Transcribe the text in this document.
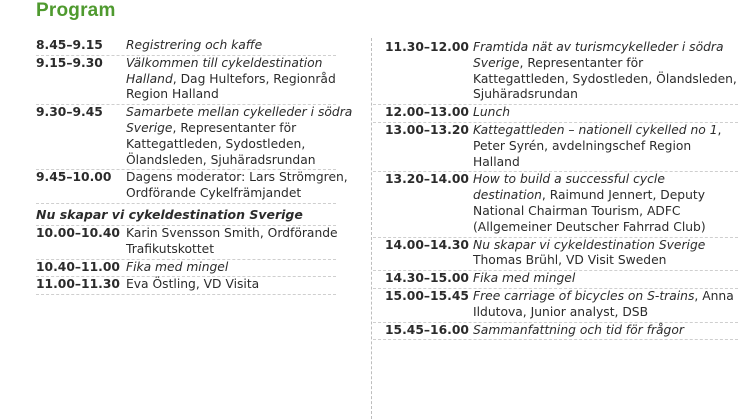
Program
8.45–9.15	Registrering och kaffe
9.15–9.30	Välkommen till cykeldestination Halland, Dag Hultefors, Regionråd Region Halland
9.30–9.45	Samarbete mellan cykelleder i södra Sverige, Representanter för Kattegattleden, Sydostleden, Ölandsleden, Sjuhäradsrundan
9.45–10.00	Dagens moderator: Lars Strömgren, Ordförande Cykelfrämjandet
Nu skapar vi cykeldestination Sverige
10.00–10.40 Karin Svensson Smith, Ordförande Trafikutskottet
10.40–11.00 Fika med mingel
11.00–11.30 Eva Östling, VD Visita
11.30–12.00 Framtida nät av turismcykelleder i södra Sverige, Representanter för Kattegattleden, Sydostleden, Ölandsleden, Sjuhäradsrundan
12.00–13.00 Lunch
13.00–13.20 Kattegattleden – nationell cykelled no 1, Peter Syrén, avdelningschef Region Halland
13.20–14.00 How to build a successful cycle destination, Raimund Jennert, Deputy National Chairman Tourism, ADFC (Allgemeiner Deutscher Fahrrad Club)
14.00–14.30 Nu skapar vi cykeldestination Sverige Thomas Brühl, VD Visit Sweden
14.30–15.00 Fika med mingel
15.00–15.45 Free carriage of bicycles on S-trains, Anna Ildutova, Junior analyst, DSB
15.45–16.00 Sammanfattning och tid för frågor
